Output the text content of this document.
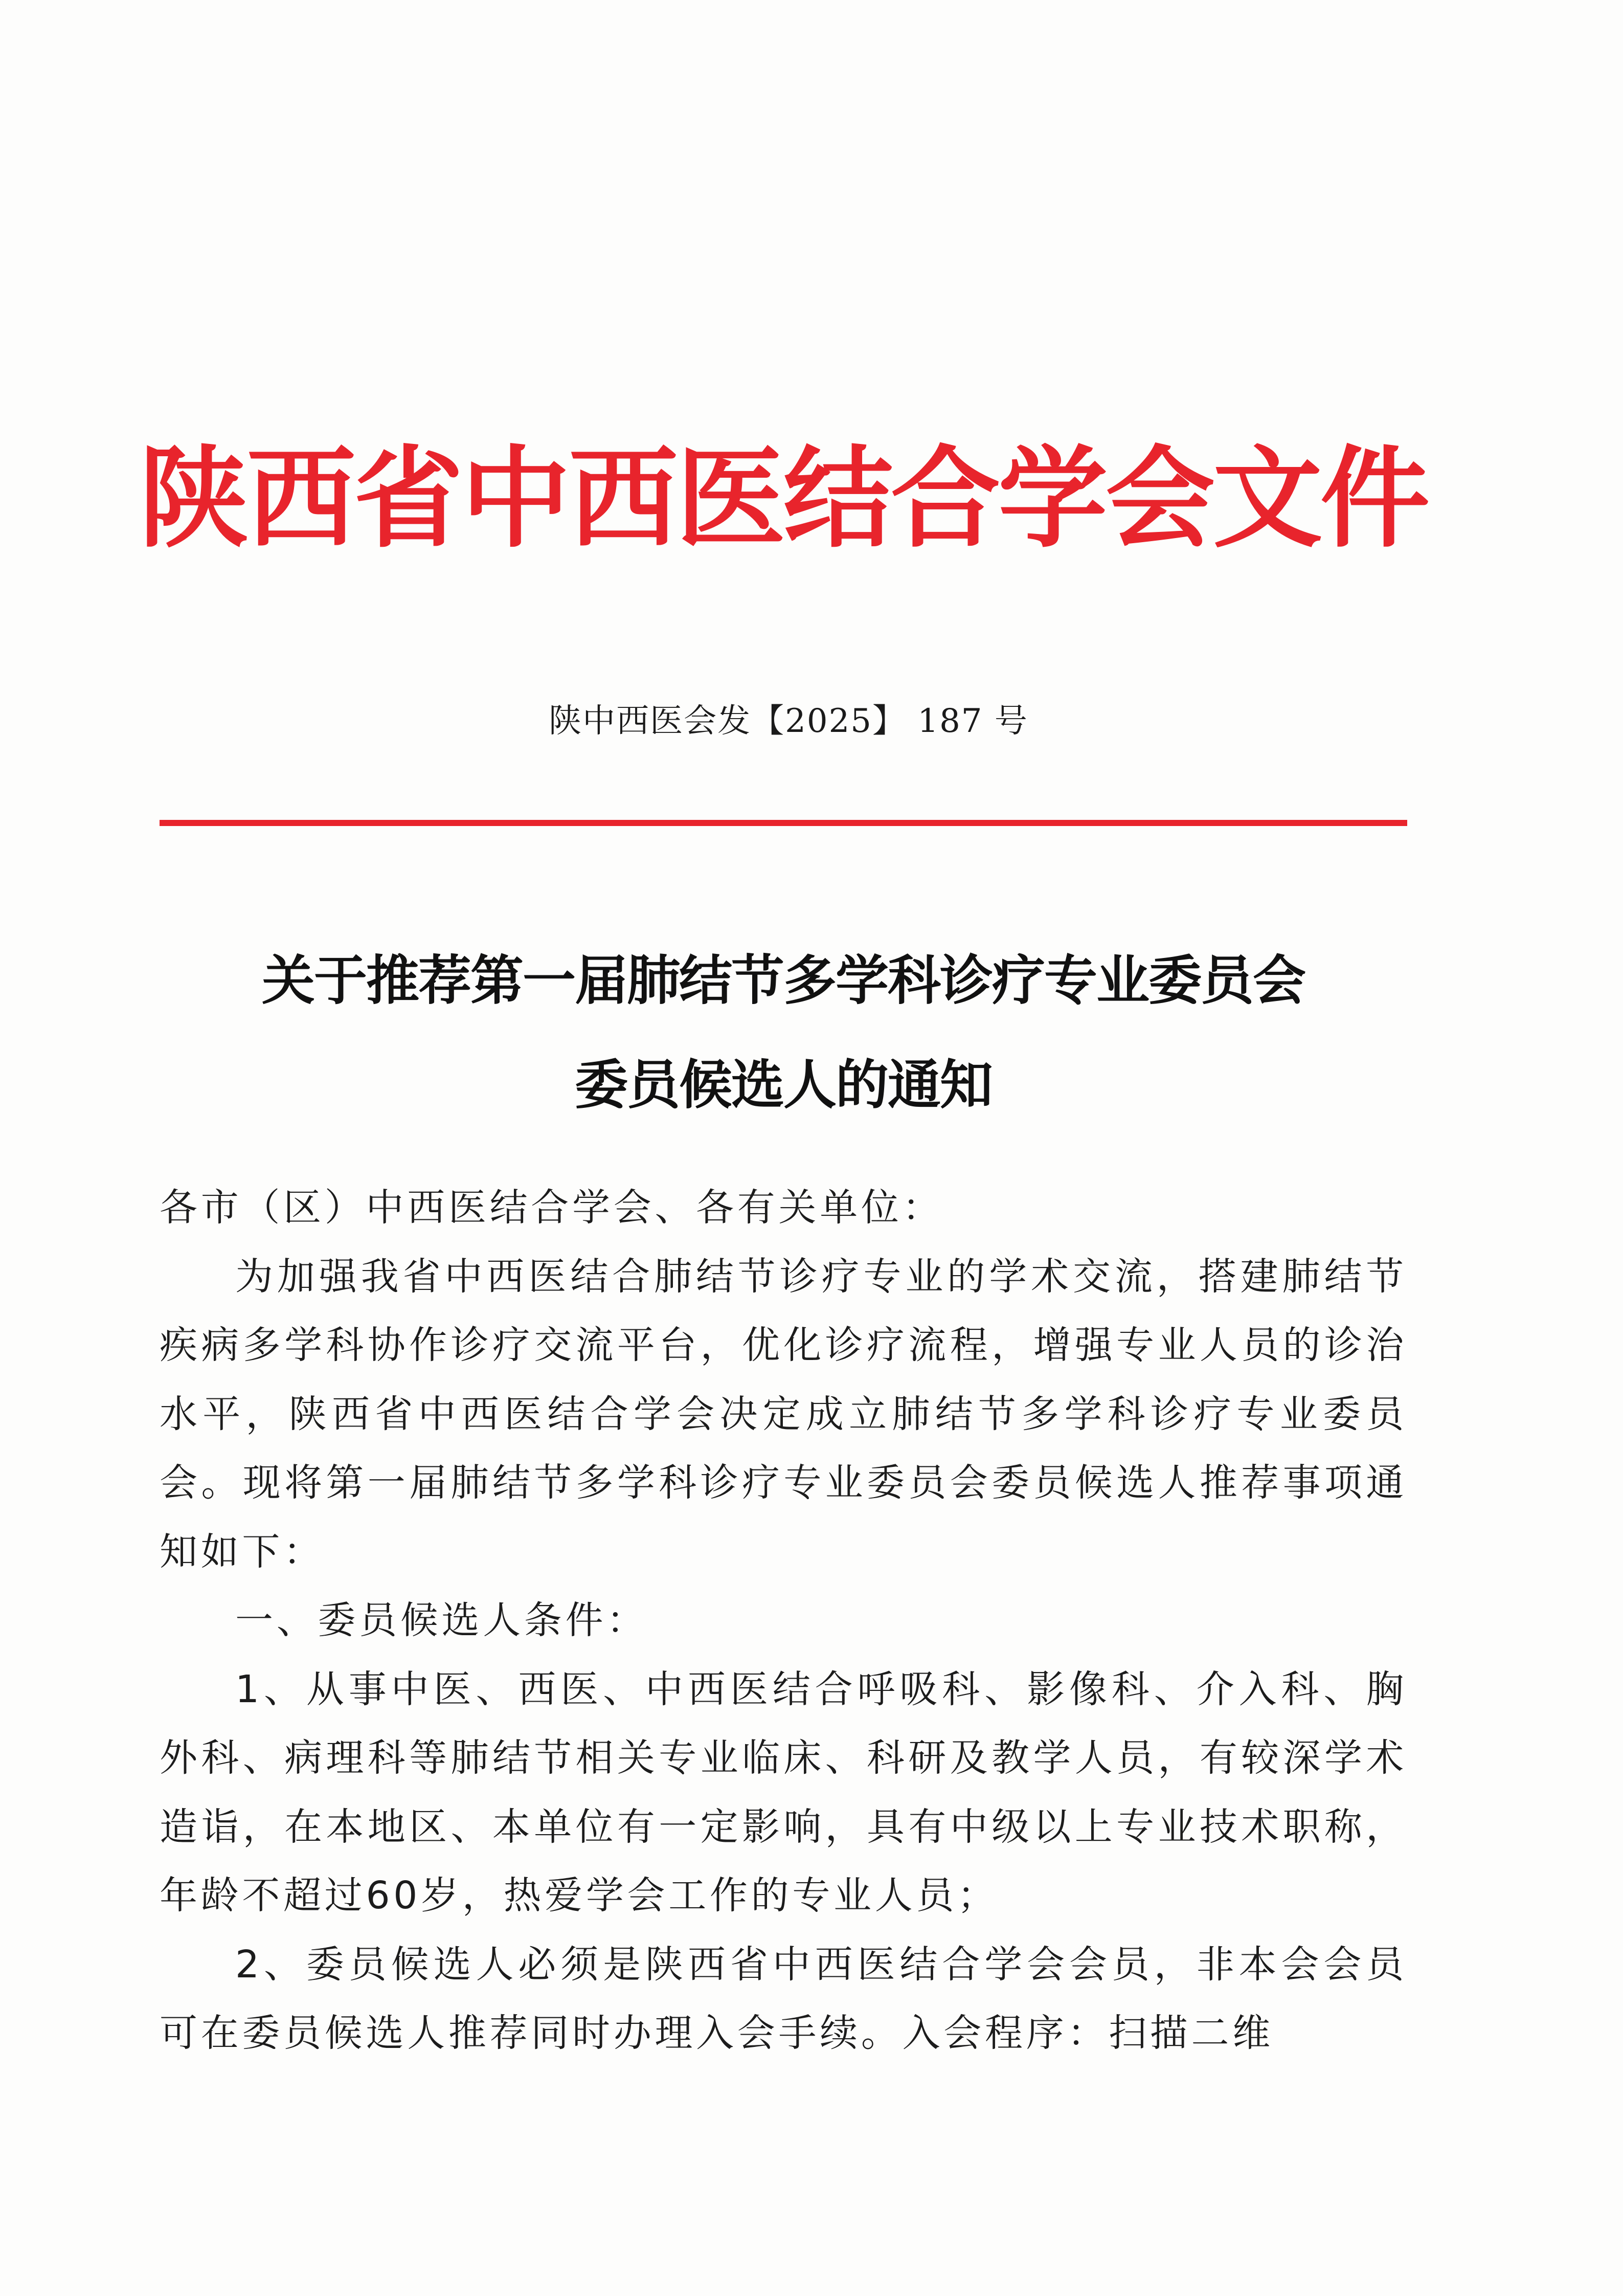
陕西省中西医结合学会文件
陕中西医会发【2025】 187 号
关于推荐第一届肺结节多学科诊疗专业委员会
委员候选人的通知

各市（区）中西医结合学会、各有关单位：

为加强我省中西医结合肺结节诊疗专业的学术交流，搭建肺结节疾病多学科协作诊疗交流平台，优化诊疗流程，增强专业人员的诊治水平，陕西省中西医结合学会决定成立肺结节多学科诊疗专业委员会。现将第一届肺结节多学科诊疗专业委员会委员候选人推荐事项通知如下：

一、委员候选人条件：

1、从事中医、西医、中西医结合呼吸科、影像科、介入科、胸外科、病理科等肺结节相关专业临床、科研及教学人员，有较深学术造诣，在本地区、本单位有一定影响，具有中级以上专业技术职称，年龄不超过60岁，热爱学会工作的专业人员；

2、委员候选人必须是陕西省中西医结合学会会员，非本会会员可在委员候选人推荐同时办理入会手续。入会程序：扫描二维
